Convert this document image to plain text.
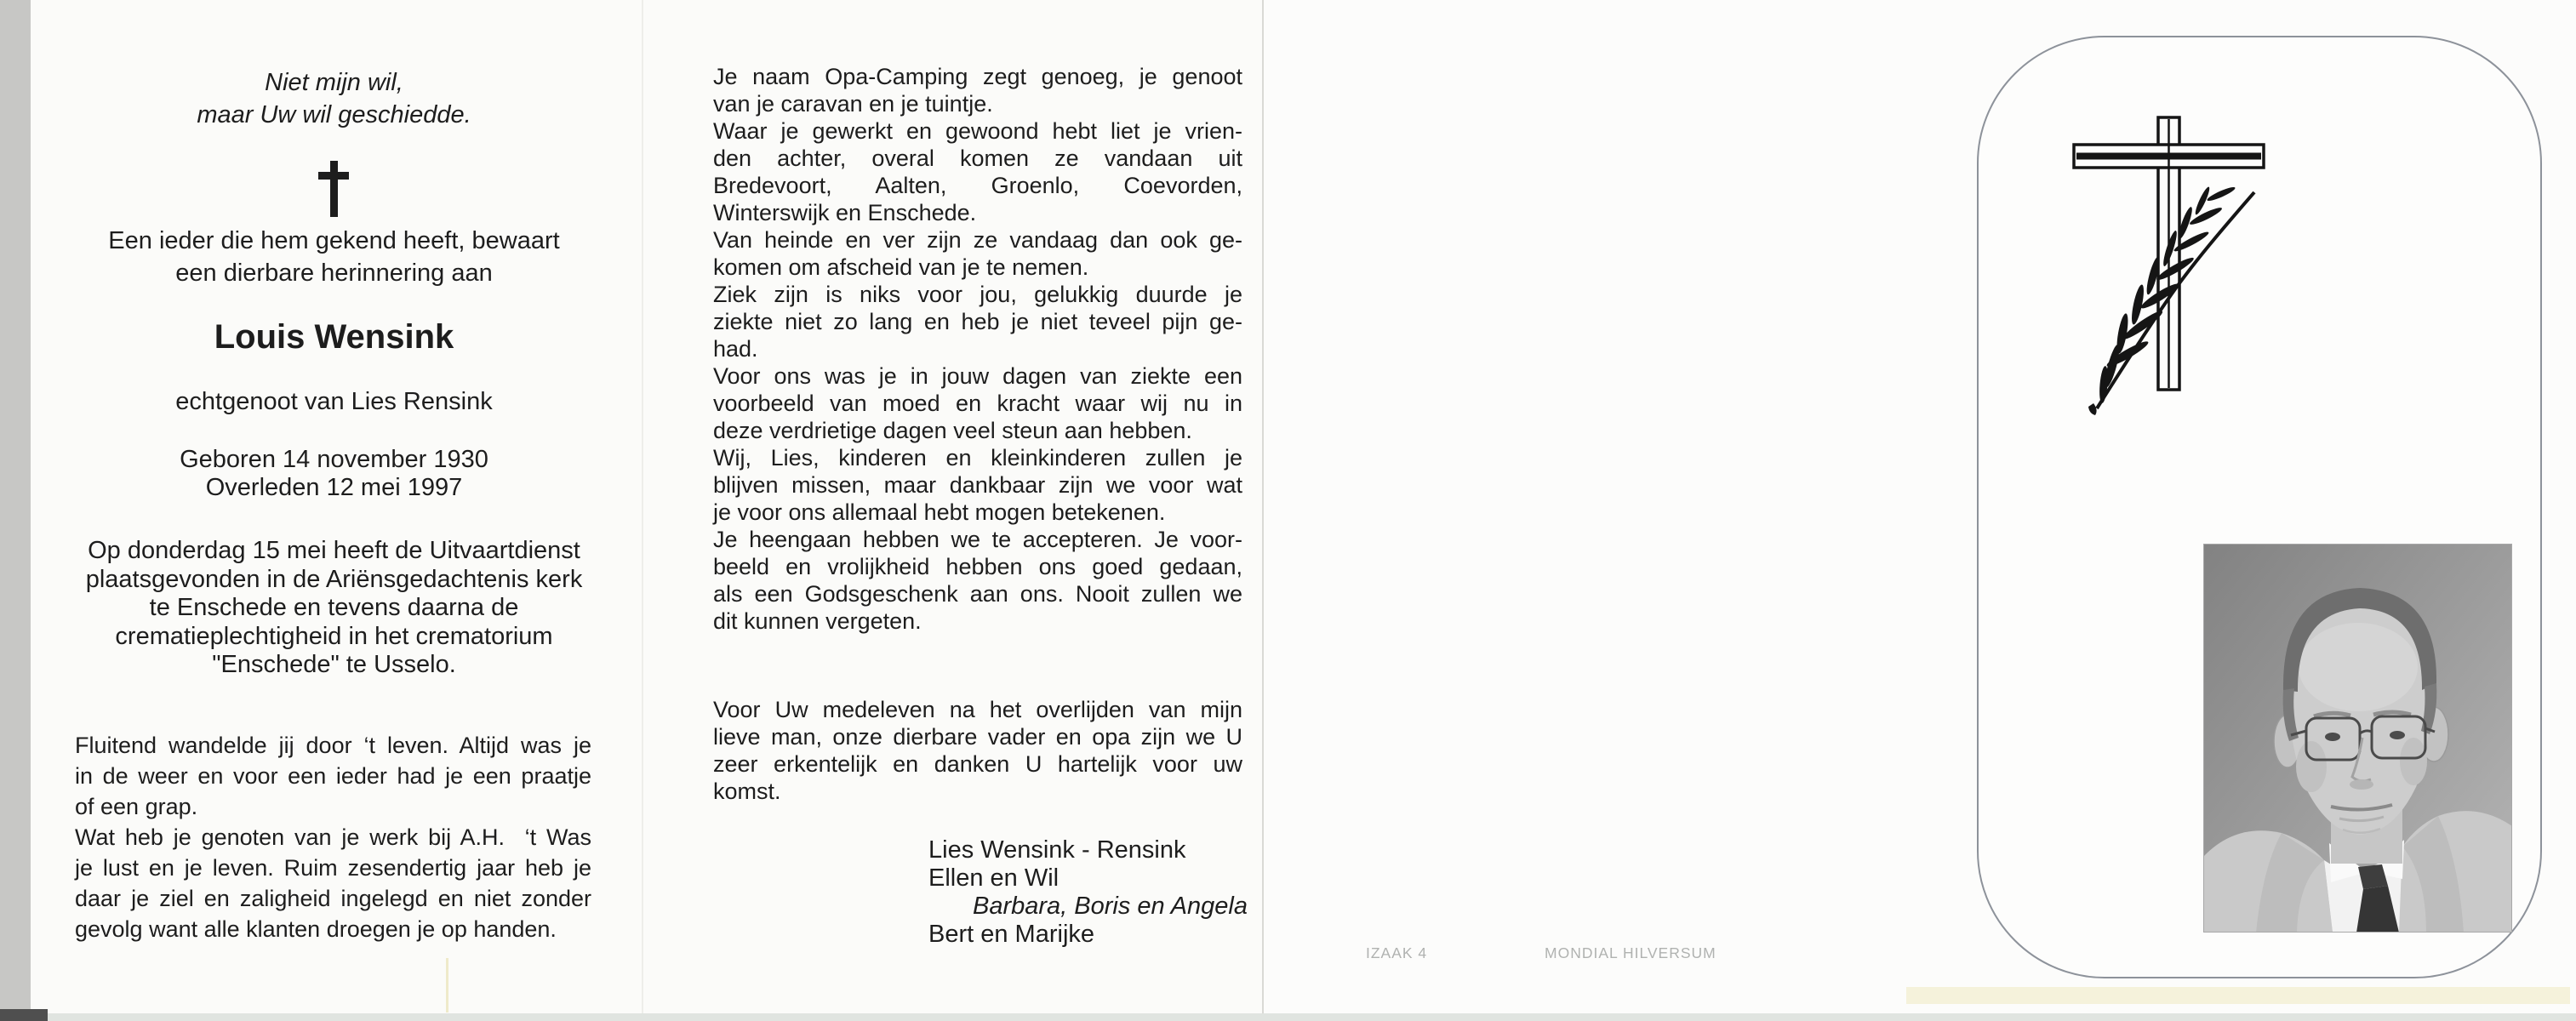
Niet mijn wil,
maar Uw wil geschiedde.
Een ieder die hem gekend heeft, bewaart
een dierbare herinnering aan
Louis Wensink
echtgenoot van Lies Rensink
Geboren 14 november 1930
Overleden 12 mei 1997
Op donderdag 15 mei heeft de Uitvaartdienst
plaatsgevonden in de Ariënsgedachtenis kerk
te Enschede en tevens daarna de
crematieplechtigheid in het crematorium
"Enschede" te Usselo.
Fluitend wandelde jij door ‘t leven. Altijd was je
in de weer en voor een ieder had je een praatje
of een grap.
Wat heb je genoten van je werk bij A.H.  ‘t Was
je lust en je leven. Ruim zesendertig jaar heb je
daar je ziel en zaligheid ingelegd en niet zonder
gevolg want alle klanten droegen je op handen.
Je naam Opa-Camping zegt genoeg, je genoot
van je caravan en je tuintje.
Waar je gewerkt en gewoond hebt liet je vrien-
den achter, overal komen ze vandaan uit
Bredevoort, Aalten, Groenlo, Coevorden,
Winterswijk en Enschede.
Van heinde en ver zijn ze vandaag dan ook ge-
komen om afscheid van je te nemen.
Ziek zijn is niks voor jou, gelukkig duurde je
ziekte niet zo lang en heb je niet teveel pijn ge-
had.
Voor ons was je in jouw dagen van ziekte een
voorbeeld van moed en kracht waar wij nu in
deze verdrietige dagen veel steun aan hebben.
Wij, Lies, kinderen en kleinkinderen zullen je
blijven missen, maar dankbaar zijn we voor wat
je voor ons allemaal hebt mogen betekenen.
Je heengaan hebben we te accepteren. Je voor-
beeld en vrolijkheid hebben ons goed gedaan,
als een Godsgeschenk aan ons. Nooit zullen we
dit kunnen vergeten.
Voor Uw medeleven na het overlijden van mijn
lieve man, onze dierbare vader en opa zijn we U
zeer erkentelijk en danken U hartelijk voor uw
komst.
Lies Wensink - Rensink
Ellen en Wil
Barbara, Boris en Angela
Bert en Marijke
IZAAK 4	MONDIAL HILVERSUM
